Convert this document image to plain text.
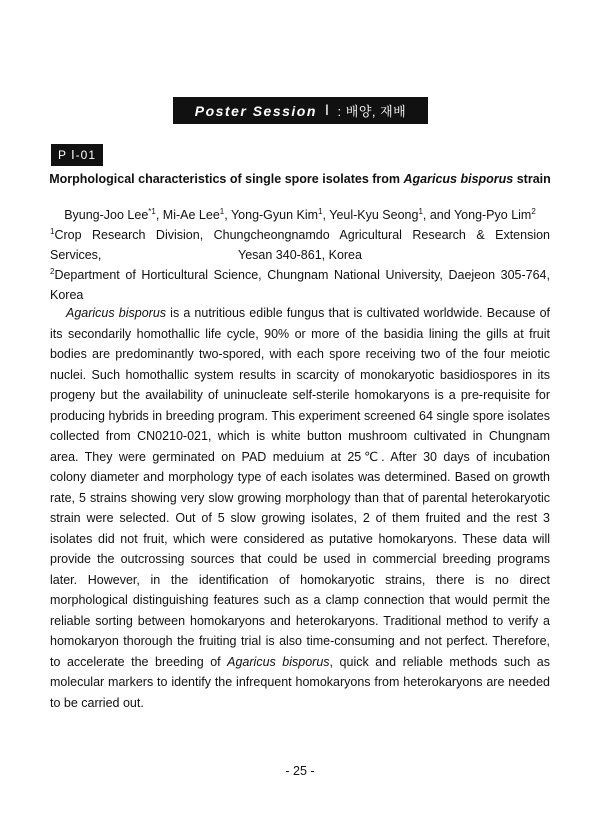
Poster Session Ⅰ : 배양, 재배
P Ⅰ-01
Morphological characteristics of single spore isolates from Agaricus bisporus strain
Byung-Joo Lee$^{*1}$, Mi-Ae Lee$^1$, Yong-Gyun Kim$^1$, Yeul-Kyu Seong$^1$, and Yong-Pyo Lim$^2$
$^1$Crop Research Division, Chungcheongnamdo Agricultural Research & Extension Services,	Yesan 340-861, Korea
$^2$Department of Horticultural Science, Chungnam National University, Daejeon 305-764, Korea
Agaricus bisporus is a nutritious edible fungus that is cultivated worldwide. Because of
its secondarily homothallic life cycle, 90% or more of the basidia lining the gills at fruit
bodies are predominantly two-spored, with each spore receiving two of the four meiotic
nuclei. Such homothallic system results in scarcity of monokaryotic basidiospores in its
progeny but the availability of uninucleate self-sterile homokaryons is a pre-requisite for
producing hybrids in breeding program. This experiment screened 64 single spore isolates
collected from CN0210-021, which is white button mushroom cultivated in Chungnam
area. They were germinated on PAD meduium at 25℃. After 30 days of incubation
colony diameter and morphology type of each isolates was determined. Based on growth
rate, 5 strains showing very slow growing morphology than that of parental heterokaryotic
strain were selected. Out of 5 slow growing isolates, 2 of them fruited and the rest 3
isolates did not fruit, which were considered as putative homokaryons. These data will
provide the outcrossing sources that could be used in commercial breeding programs
later. However, in the identification of homokaryotic strains, there is no direct
morphological distinguishing features such as a clamp connection that would permit the
reliable sorting between homokaryons and heterokaryons. Traditional method to verify a
homokaryon thorough the fruiting trial is also time-consuming and not perfect. Therefore,
to accelerate the breeding of Agaricus bisporus, quick and reliable methods such as
molecular markers to identify the infrequent homokaryons from heterokaryons are needed
to be carried out.
- 25 -
